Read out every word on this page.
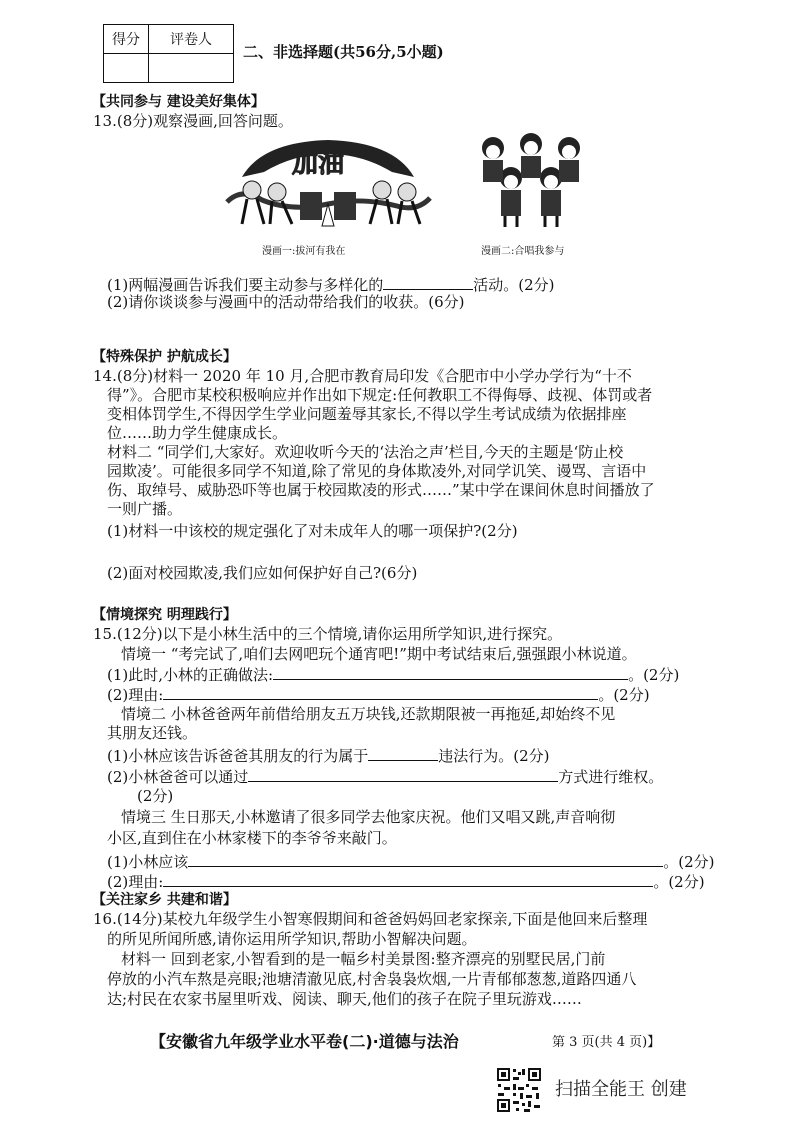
得分	评卷人

二、非选择题(共56分,5小题)
【共同参与 建设美好集体】
13.(8分)观察漫画,回答问题。
加油
漫画一:拔河有我在	漫画二:合唱我参与
(1)两幅漫画告诉我们要主动参与多样化的	活动。(2分)
(2)请你谈谈参与漫画中的活动带给我们的收获。(6分)
【特殊保护 护航成长】
14.(8分)材料一 2020 年 10 月,合肥市教育局印发《合肥市中小学办学行为“十不
得”》。合肥市某校积极响应并作出如下规定:任何教职工不得侮辱、歧视、体罚或者
变相体罚学生,不得因学生学业问题羞辱其家长,不得以学生考试成绩为依据排座
位……助力学生健康成长。
材料二 “同学们,大家好。欢迎收听今天的‘法治之声’栏目,今天的主题是‘防止校
园欺凌’。可能很多同学不知道,除了常见的身体欺凌外,对同学讥笑、谩骂、言语中
伤、取绰号、威胁恐吓等也属于校园欺凌的形式……”某中学在课间休息时间播放了
一则广播。
(1)材料一中该校的规定强化了对未成年人的哪一项保护?(2分)
(2)面对校园欺凌,我们应如何保护好自己?(6分)
【情境探究 明理践行】
15.(12分)以下是小林生活中的三个情境,请你运用所学知识,进行探究。
情境一 “考完试了,咱们去网吧玩个通宵吧!”期中考试结束后,强强跟小林说道。
(1)此时,小林的正确做法:	。(2分)
(2)理由:	。(2分)
情境二 小林爸爸两年前借给朋友五万块钱,还款期限被一再拖延,却始终不见
其朋友还钱。
(1)小林应该告诉爸爸其朋友的行为属于	违法行为。(2分)
(2)小林爸爸可以通过	方式进行维权。
(2分)
情境三 生日那天,小林邀请了很多同学去他家庆祝。他们又唱又跳,声音响彻
小区,直到住在小林家楼下的李爷爷来敲门。
(1)小林应该	。(2分)
(2)理由:	。(2分)
【关注家乡 共建和谐】
16.(14分)某校九年级学生小智寒假期间和爸爸妈妈回老家探亲,下面是他回来后整理
的所见所闻所感,请你运用所学知识,帮助小智解决问题。
材料一 回到老家,小智看到的是一幅乡村美景图:整齐漂亮的别墅民居,门前
停放的小汽车熬是亮眼;池塘清澈见底,村舍袅袅炊烟,一片青郁郁葱葱,道路四通八
达;村民在农家书屋里听戏、阅读、聊天,他们的孩子在院子里玩游戏……
【安徽省九年级学业水平卷(二)·道德与法治	第 3 页(共 4 页)】
扫描全能王 创建
